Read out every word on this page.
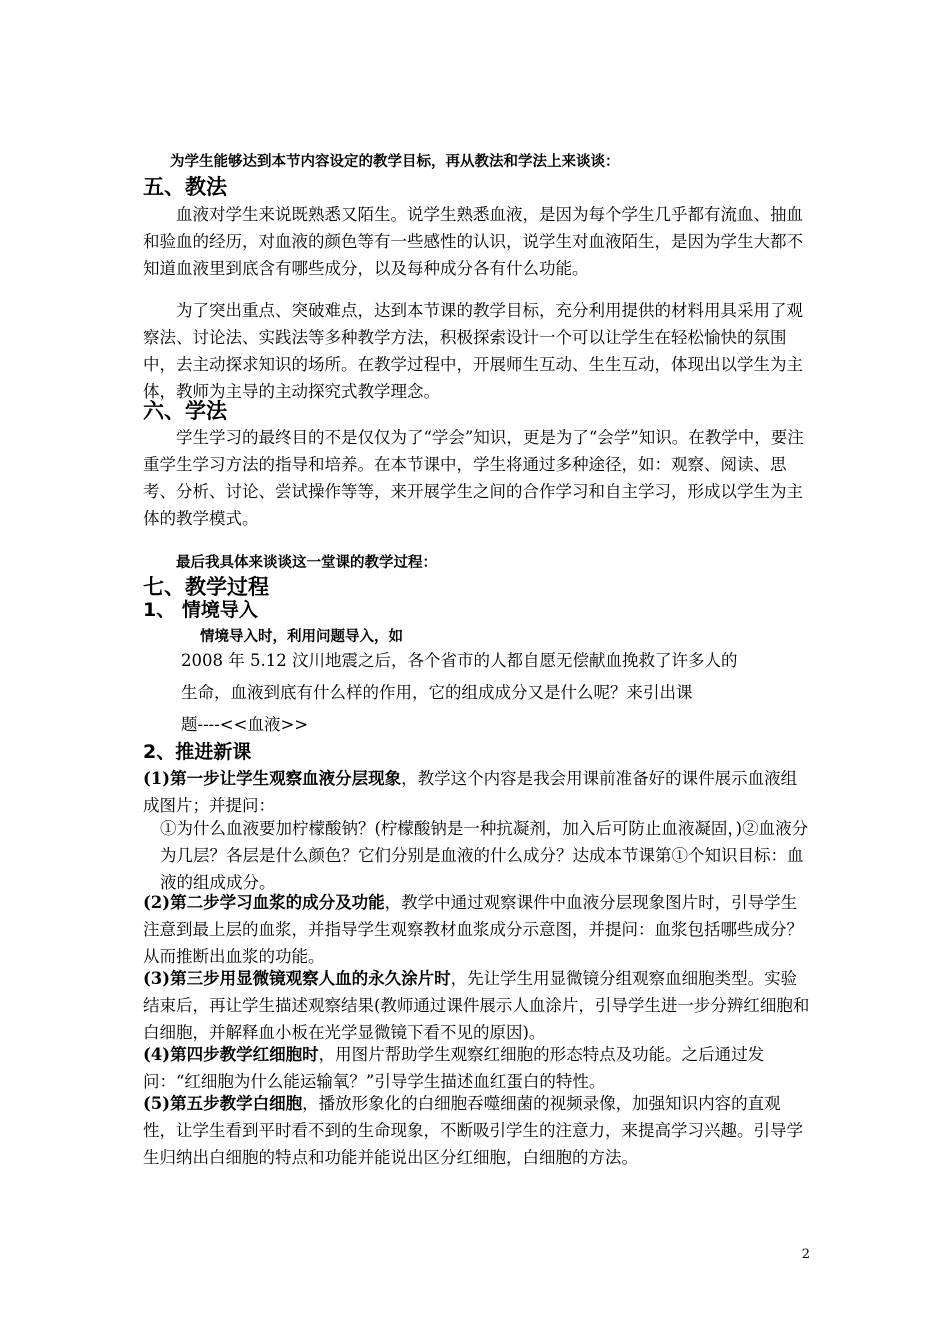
为学生能够达到本节内容设定的教学目标，再从教法和学法上来谈谈：

五、教法

血液对学生来说既熟悉又陌生。说学生熟悉血液，是因为每个学生几乎都有流血、抽血和验血的经历，对血液的颜色等有一些感性的认识，说学生对血液陌生，是因为学生大都不知道血液里到底含有哪些成分，以及每种成分各有什么功能。

为了突出重点、突破难点，达到本节课的教学目标，充分利用提供的材料用具采用了观察法、讨论法、实践法等多种教学方法，积极探索设计一个可以让学生在轻松愉快的氛围中，去主动探求知识的场所。在教学过程中，开展师生互动、生生互动，体现出以学生为主体，教师为主导的主动探究式教学理念。

六、学法

学生学习的最终目的不是仅仅为了“学会”知识，更是为了“会学”知识。在教学中，要注重学生学习方法的指导和培养。在本节课中，学生将通过多种途径，如：观察、阅读、思考、分析、讨论、尝试操作等等，来开展学生之间的合作学习和自主学习，形成以学生为主体的教学模式。

最后我具体来谈谈这一堂课的教学过程：

七、教学过程
1、 情境导入

情境导入时，利用问题导入，如

2008 年 5.12 汶川地震之后，各个省市的人都自愿无偿献血挽救了许多人的

生命，血液到底有什么样的作用，它的组成成分又是什么呢？来引出课

题----<<血液>>

2、推进新课

(1)第一步让学生观察血液分层现象，教学这个内容是我会用课前准备好的课件展示血液组成图片；并提问：

①为什么血液要加柠檬酸钠？(柠檬酸钠是一种抗凝剂，加入后可防止血液凝固，)②血液分为几层？各层是什么颜色？它们分别是血液的什么成分？达成本节课第①个知识目标：血液的组成成分。

(2)第二步学习血浆的成分及功能，教学中通过观察课件中血液分层现象图片时，引导学生注意到最上层的血浆，并指导学生观察教材血浆成分示意图，并提问：血浆包括哪些成分？从而推断出血浆的功能。

(3)第三步用显微镜观察人血的永久涂片时，先让学生用显微镜分组观察血细胞类型。实验结束后，再让学生描述观察结果(教师通过课件展示人血涂片，引导学生进一步分辨红细胞和白细胞，并解释血小板在光学显微镜下看不见的原因)。

(4)第四步教学红细胞时，用图片帮助学生观察红细胞的形态特点及功能。之后通过发问：“红细胞为什么能运输氧？”引导学生描述血红蛋白的特性。

(5)第五步教学白细胞，播放形象化的白细胞吞噬细菌的视频录像，加强知识内容的直观性，让学生看到平时看不到的生命现象，不断吸引学生的注意力，来提高学习兴趣。引导学生归纳出白细胞的特点和功能并能说出区分红细胞，白细胞的方法。

2
